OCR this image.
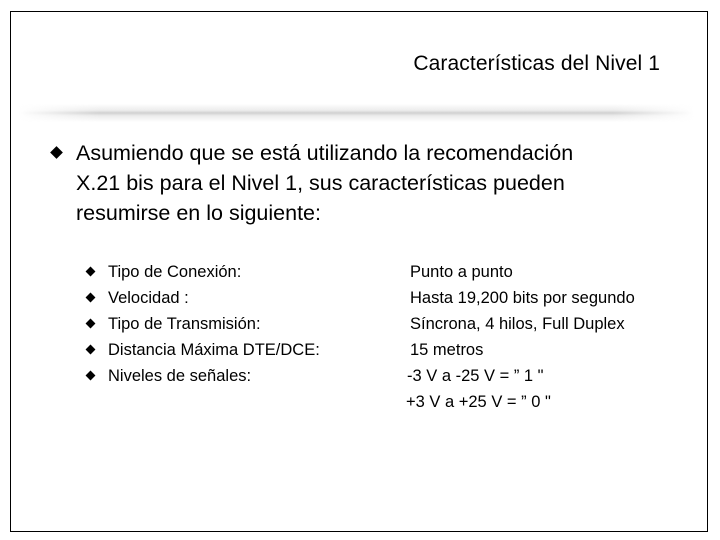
Características del Nivel 1
Asumiendo que se está utilizando la recomendación
X.21 bis para el Nivel 1, sus características pueden
resumirse en lo siguiente:
Tipo de Conexión:
Velocidad :
Tipo de Transmisión:
Distancia Máxima DTE/DCE:
Niveles de señales:
Punto a punto
Hasta 19,200 bits por segundo
Síncrona, 4 hilos, Full Duplex
15 metros
-3 V a -25 V = ” 1 "
+3 V a +25 V = ” 0 "
